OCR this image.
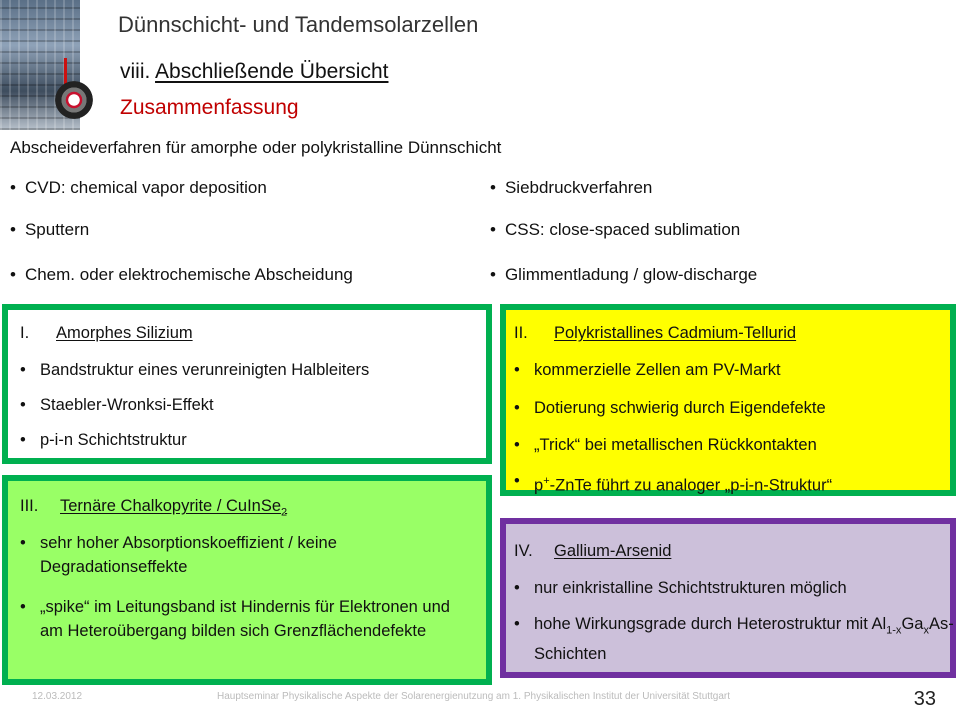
Dünnschicht- und Tandemsolarzellen
viii. Abschließende Übersicht
Zusammenfassung
Abscheideverfahren für amorphe oder polykristalline Dünnschicht
• CVD: chemical vapor deposition
• Sputtern
• Chem. oder elektrochemische Abscheidung
• Siebdruckverfahren
• CSS: close-spaced sublimation
• Glimmentladung / glow-discharge
I. Amorphes Silizium
• Bandstruktur eines verunreinigten Halbleiters
• Staebler-Wronksi-Effekt
• p-i-n Schichtstruktur
II. Polykristallines Cadmium-Tellurid
• kommerzielle Zellen am PV-Markt
• Dotierung schwierig durch Eigendefekte
• „Trick“ bei metallischen Rückkontakten
• p+-ZnTe führt zu analoger „p-i-n-Struktur“
III. Ternäre Chalkopyrite / CuInSe$_2$
• sehr hoher Absorptionskoeffizient / keine Degradationseffekte
• „spike“ im Leitungsband ist Hindernis für Elektronen und am Heteroübergang bilden sich Grenzflächendefekte
IV. Gallium-Arsenid
• nur einkristalline Schichtstrukturen möglich
• hohe Wirkungsgrade durch Heterostruktur mit $Al_{1-x}Ga_xAs$-Schichten
12.03.2012	Hauptseminar Physikalische Aspekte der Solarenergienutzung am 1. Physikalischen Institut der Universität Stuttgart	33
